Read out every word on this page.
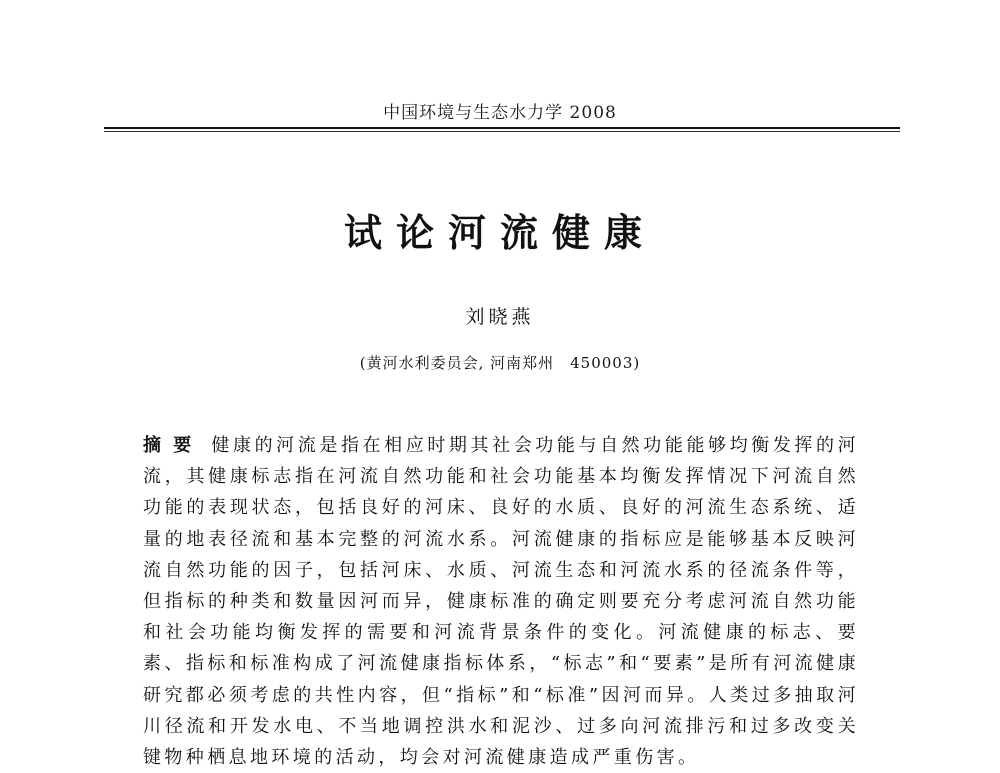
中国环境与生态水力学 2008
试论河流健康
刘晓燕
(黄河水利委员会, 河南郑州　450003)
摘要 健康的河流是指在相应时期其社会功能与自然功能能够均衡发挥的河流，其健康标志指在河流自然功能和社会功能基本均衡发挥情况下河流自然功能的表现状态，包括良好的河床、良好的水质、良好的河流生态系统、适量的地表径流和基本完整的河流水系。河流健康的指标应是能够基本反映河流自然功能的因子，包括河床、水质、河流生态和河流水系的径流条件等，但指标的种类和数量因河而异，健康标准的确定则要充分考虑河流自然功能和社会功能均衡发挥的需要和河流背景条件的变化。河流健康的标志、要素、指标和标准构成了河流健康指标体系，“标志”和“要素”是所有河流健康研究都必须考虑的共性内容，但“指标”和“标准”因河而异。人类过多抽取河川径流和开发水电、不当地调控洪水和泥沙、过多向河流排污和过多改变关键物种栖息地环境的活动，均会对河流健康造成严重伤害。
